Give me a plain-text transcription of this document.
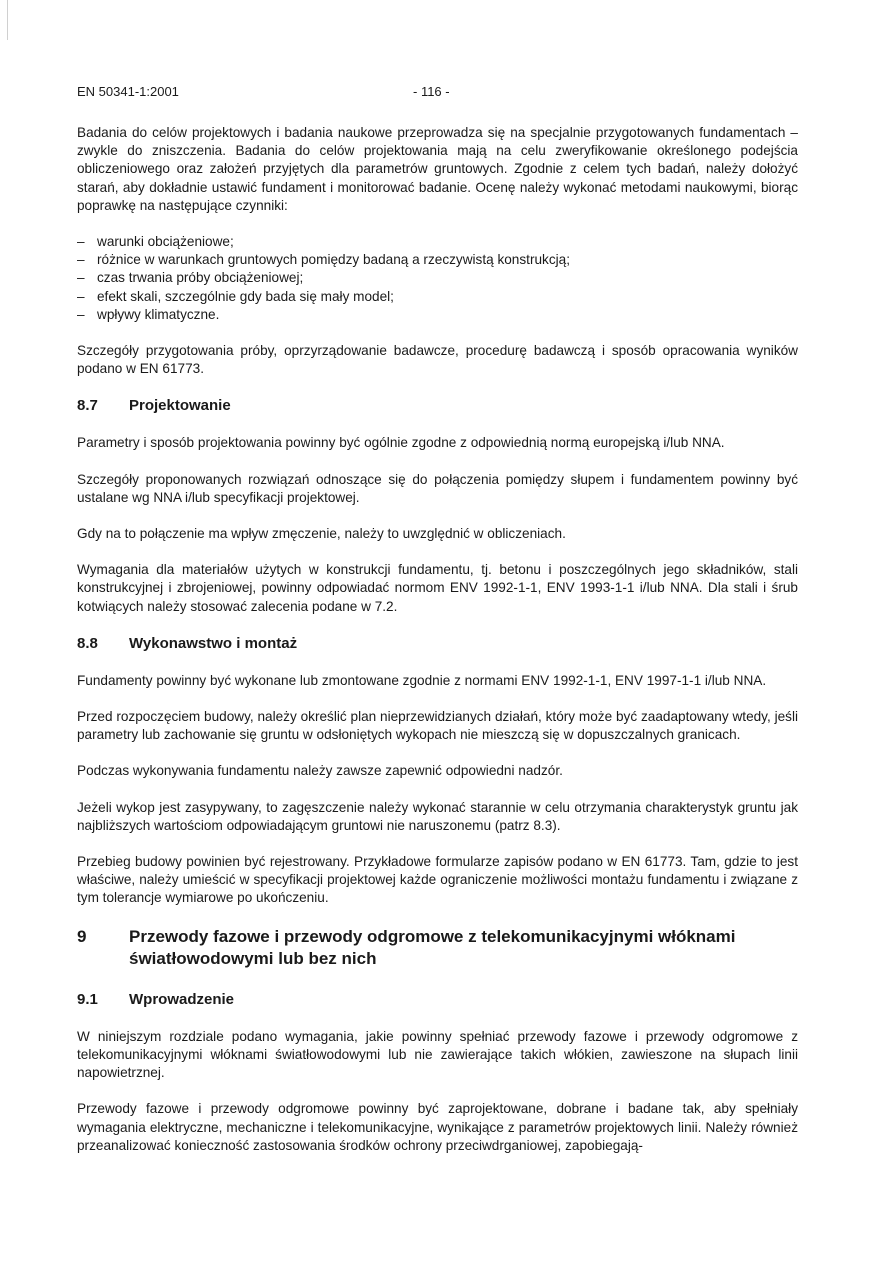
EN 50341-1:2001	- 116 -

Badania do celów projektowych i badania naukowe przeprowadza się na specjalnie przygotowanych fundamentach – zwykle do zniszczenia. Badania do celów projektowania mają na celu zweryfikowanie określonego podejścia obliczeniowego oraz założeń przyjętych dla parametrów gruntowych. Zgodnie z celem tych badań, należy dołożyć starań, aby dokładnie ustawić fundament i monitorować badanie. Ocenę należy wykonać metodami naukowymi, biorąc poprawkę na następujące czynniki:

– warunki obciążeniowe;
– różnice w warunkach gruntowych pomiędzy badaną a rzeczywistą konstrukcją;
– czas trwania próby obciążeniowej;
– efekt skali, szczególnie gdy bada się mały model;
– wpływy klimatyczne.

Szczegóły przygotowania próby, oprzyrządowanie badawcze, procedurę badawczą i sposób opracowania wyników podano w EN 61773.

8.7	Projektowanie

Parametry i sposób projektowania powinny być ogólnie zgodne z odpowiednią normą europejską i/lub NNA.

Szczegóły proponowanych rozwiązań odnoszące się do połączenia pomiędzy słupem i fundamentem powinny być ustalane wg NNA i/lub specyfikacji projektowej.

Gdy na to połączenie ma wpływ zmęczenie, należy to uwzględnić w obliczeniach.

Wymagania dla materiałów użytych w konstrukcji fundamentu, tj. betonu i poszczególnych jego składników, stali konstrukcyjnej i zbrojeniowej, powinny odpowiadać normom ENV 1992-1-1, ENV 1993-1-1 i/lub NNA. Dla stali i śrub kotwiących należy stosować zalecenia podane w 7.2.

8.8	Wykonawstwo i montaż

Fundamenty powinny być wykonane lub zmontowane zgodnie z normami ENV 1992-1-1, ENV 1997-1-1 i/lub NNA.

Przed rozpoczęciem budowy, należy określić plan nieprzewidzianych działań, który może być zaadaptowany wtedy, jeśli parametry lub zachowanie się gruntu w odsłoniętych wykopach nie mieszczą się w dopuszczalnych granicach.

Podczas wykonywania fundamentu należy zawsze zapewnić odpowiedni nadzór.

Jeżeli wykop jest zasypywany, to zagęszczenie należy wykonać starannie w celu otrzymania charakterystyk gruntu jak najbliższych wartościom odpowiadającym gruntowi nie naruszonemu (patrz 8.3).

Przebieg budowy powinien być rejestrowany. Przykładowe formularze zapisów podano w EN 61773. Tam, gdzie to jest właściwe, należy umieścić w specyfikacji projektowej każde ograniczenie możliwości montażu fundamentu i związane z tym tolerancje wymiarowe po ukończeniu.

9	Przewody fazowe i przewody odgromowe z telekomunikacyjnymi włóknami światłowodowymi lub bez nich
9.1	Wprowadzenie

W niniejszym rozdziale podano wymagania, jakie powinny spełniać przewody fazowe i przewody odgromowe z telekomunikacyjnymi włóknami światłowodowymi lub nie zawierające takich włókien, zawieszone na słupach linii napowietrznej.

Przewody fazowe i przewody odgromowe powinny być zaprojektowane, dobrane i badane tak, aby spełniały wymagania elektryczne, mechaniczne i telekomunikacyjne, wynikające z parametrów projektowych linii. Należy również przeanalizować konieczność zastosowania środków ochrony przeciwdrganiowej, zapobiegają-
